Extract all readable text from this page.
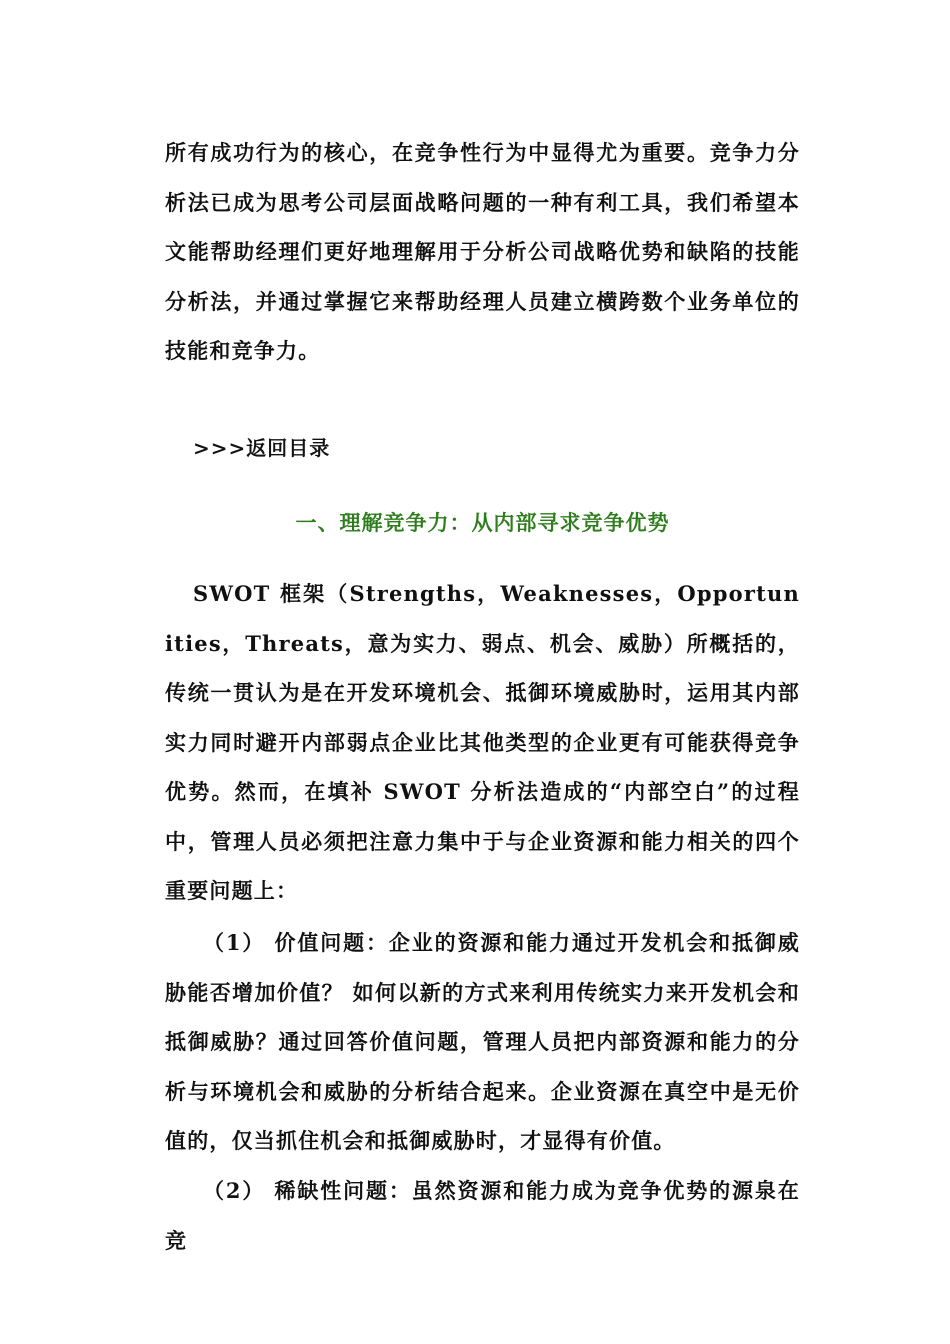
所有成功行为的核心，在竞争性行为中显得尤为重要。竞争力分析法已成为思考公司层面战略问题的一种有利工具，我们希望本文能帮助经理们更好地理解用于分析公司战略优势和缺陷的技能分析法，并通过掌握它来帮助经理人员建立横跨数个业务单位的技能和竞争力。

>>>返回目录
一、理解竞争力：从内部寻求竞争优势

SWOT 框架（Strengths，Weaknesses，Opportunities，Threats，意为实力、弱点、机会、威胁）所概括的，传统一贯认为是在开发环境机会、抵御环境威胁时，运用其内部实力同时避开内部弱点企业比其他类型的企业更有可能获得竞争优势。然而，在填补 SWOT 分析法造成的“内部空白”的过程中，管理人员必须把注意力集中于与企业资源和能力相关的四个重要问题上：

（1） 价值问题：企业的资源和能力通过开发机会和抵御威胁能否增加价值？ 如何以新的方式来利用传统实力来开发机会和抵御威胁？通过回答价值问题，管理人员把内部资源和能力的分析与环境机会和威胁的分析结合起来。企业资源在真空中是无价值的，仅当抓住机会和抵御威胁时，才显得有价值。

（2） 稀缺性问题：虽然资源和能力成为竞争优势的源泉在竞
